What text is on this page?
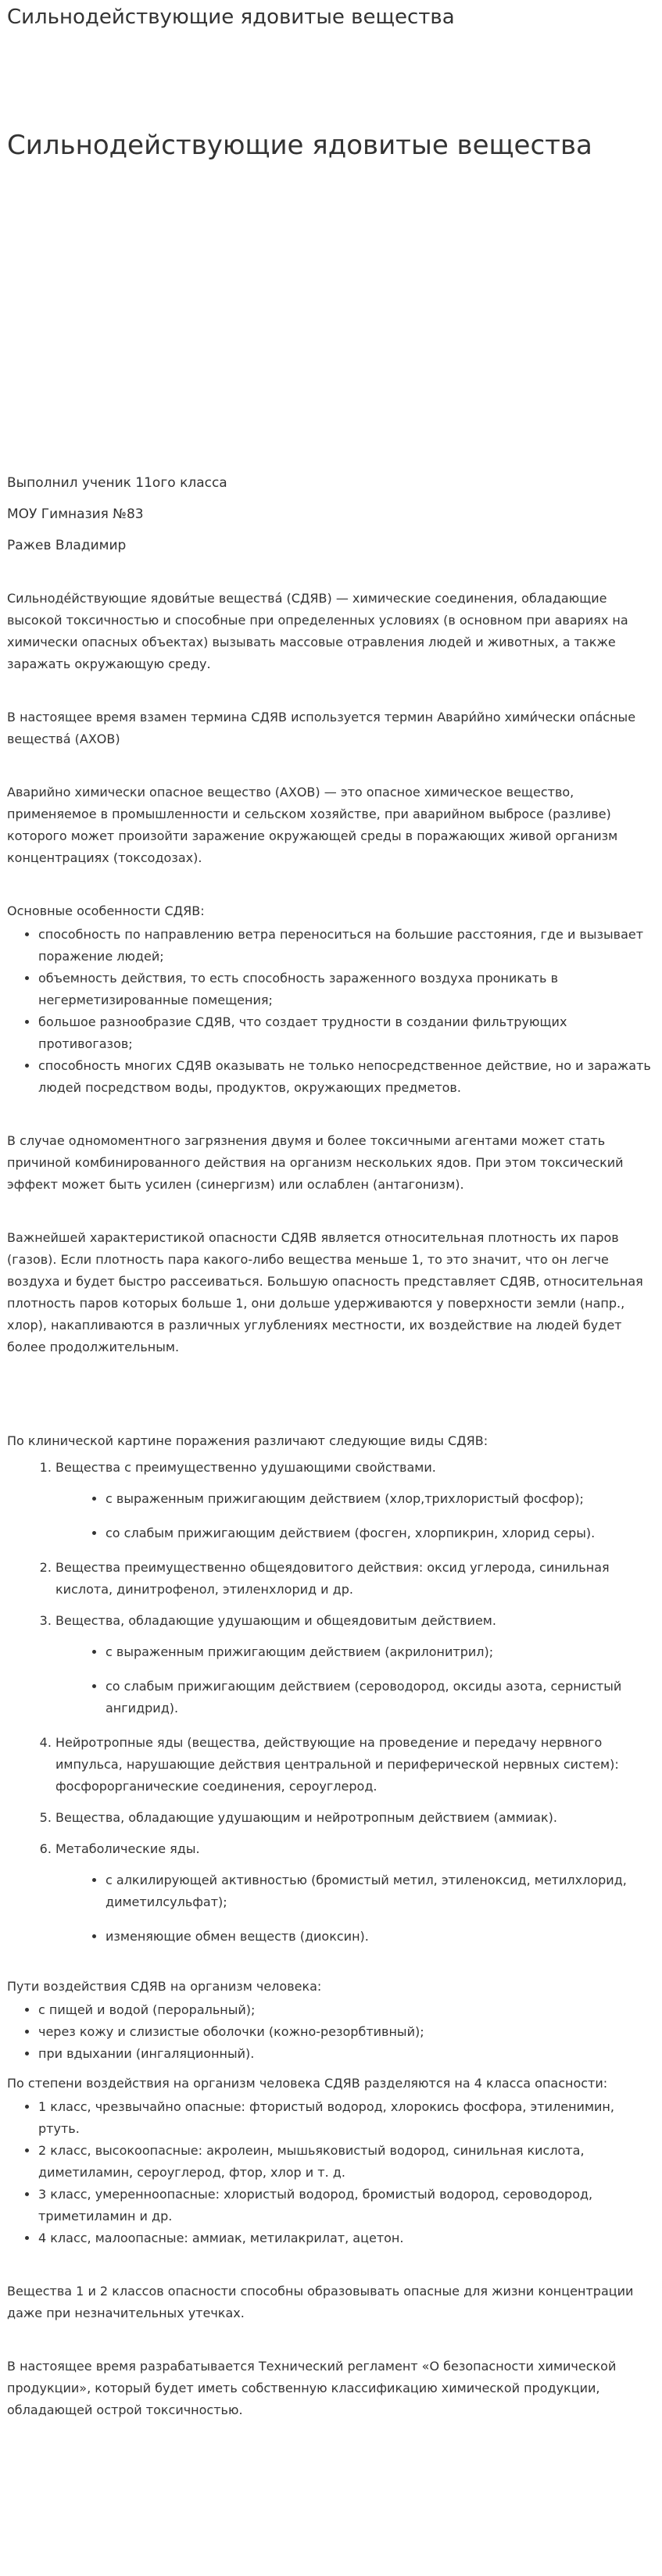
Сильнодействующие ядовитые вещества
Сильнодействующие ядовитые вещества

Выполнил ученик 11ого класса

МОУ Гимназия №83

Ражев Владимир

Сильноде́йствующие ядови́тые вещества́ (СДЯВ) — химические соединения, обладающие высокой токсичностью и способные при определенных условиях (в основном при авариях на химически опасных объектах) вызывать массовые отравления людей и животных, а также заражать окружающую среду.

В настоящее время взамен термина СДЯВ используется термин Авари́йно хими́чески опа́сные вещества́ (АХОВ)

Аварийно химически опасное вещество (АХОВ) — это опасное химическое вещество, применяемое в промышленности и сельском хозяйстве, при аварийном выбросе (разливе) которого может произойти заражение окружающей среды в поражающих живой организм концентрациях (токсодозах).

Основные особенности СДЯВ:

• способность по направлению ветра переноситься на большие расстояния, где и вызывает поражение людей;
• объемность действия, то есть способность зараженного воздуха проникать в негерметизированные помещения;
• большое разнообразие СДЯВ, что создает трудности в создании фильтрующих противогазов;
• способность многих СДЯВ оказывать не только непосредственное действие, но и заражать людей посредством воды, продуктов, окружающих предметов.

В случае одномоментного загрязнения двумя и более токсичными агентами может стать причиной комбинированного действия на организм нескольких ядов. При этом токсический эффект может быть усилен (синергизм) или ослаблен (антагонизм).

Важнейшей характеристикой опасности СДЯВ является относительная плотность их паров (газов). Если плотность пара какого-либо вещества меньше 1, то это значит, что он легче воздуха и будет быстро рассеиваться. Большую опасность представляет СДЯВ, относительная плотность паров которых больше 1, они дольше удерживаются у поверхности земли (напр., хлор), накапливаются в различных углублениях местности, их воздействие на людей будет более продолжительным.

По клинической картине поражения различают следующие виды СДЯВ:

1. Вещества с преимущественно удушающими свойствами.
• с выраженным прижигающим действием (хлор,трихлористый фосфор);
• со слабым прижигающим действием (фосген, хлорпикрин, хлорид серы).
2. Вещества преимущественно общеядовитого действия: оксид углерода, синильная кислота, динитрофенол, этиленхлорид и др.
3. Вещества, обладающие удушающим и общеядовитым действием.
• с выраженным прижигающим действием (акрилонитрил);
• со слабым прижигающим действием (сероводород, оксиды азота, сернистый ангидрид).
4. Нейротропные яды (вещества, действующие на проведение и передачу нервного импульса, нарушающие действия центральной и периферической нервных систем): фосфорорганические соединения, сероуглерод.
5. Вещества, обладающие удушающим и нейротропным действием (аммиак).
6. Метаболические яды.
• с алкилирующей активностью (бромистый метил, этиленоксид, метилхлорид, диметилсульфат);
• изменяющие обмен веществ (диоксин).

Пути воздействия СДЯВ на организм человека:

• с пищей и водой (пероральный);
• через кожу и слизистые оболочки (кожно-резорбтивный);
• при вдыхании (ингаляционный).

По степени воздействия на организм человека СДЯВ разделяются на 4 класса опасности:

• 1 класс, чрезвычайно опасные: фтористый водород, хлорокись фосфора, этиленимин, ртуть.
• 2 класс, высокоопасные: акролеин, мышьяковистый водород, синильная кислота, диметиламин, сероуглерод, фтор, хлор и т. д.
• 3 класс, умеренноопасные: хлористый водород, бромистый водород, сероводород, триметиламин и др.
• 4 класс, малоопасные: аммиак, метилакрилат, ацетон.

Вещества 1 и 2 классов опасности способны образовывать опасные для жизни концентрации даже при незначительных утечках.

В настоящее время разрабатывается Технический регламент «О безопасности химической продукции», который будет иметь собственную классификацию химической продукции, обладающей острой токсичностью.
